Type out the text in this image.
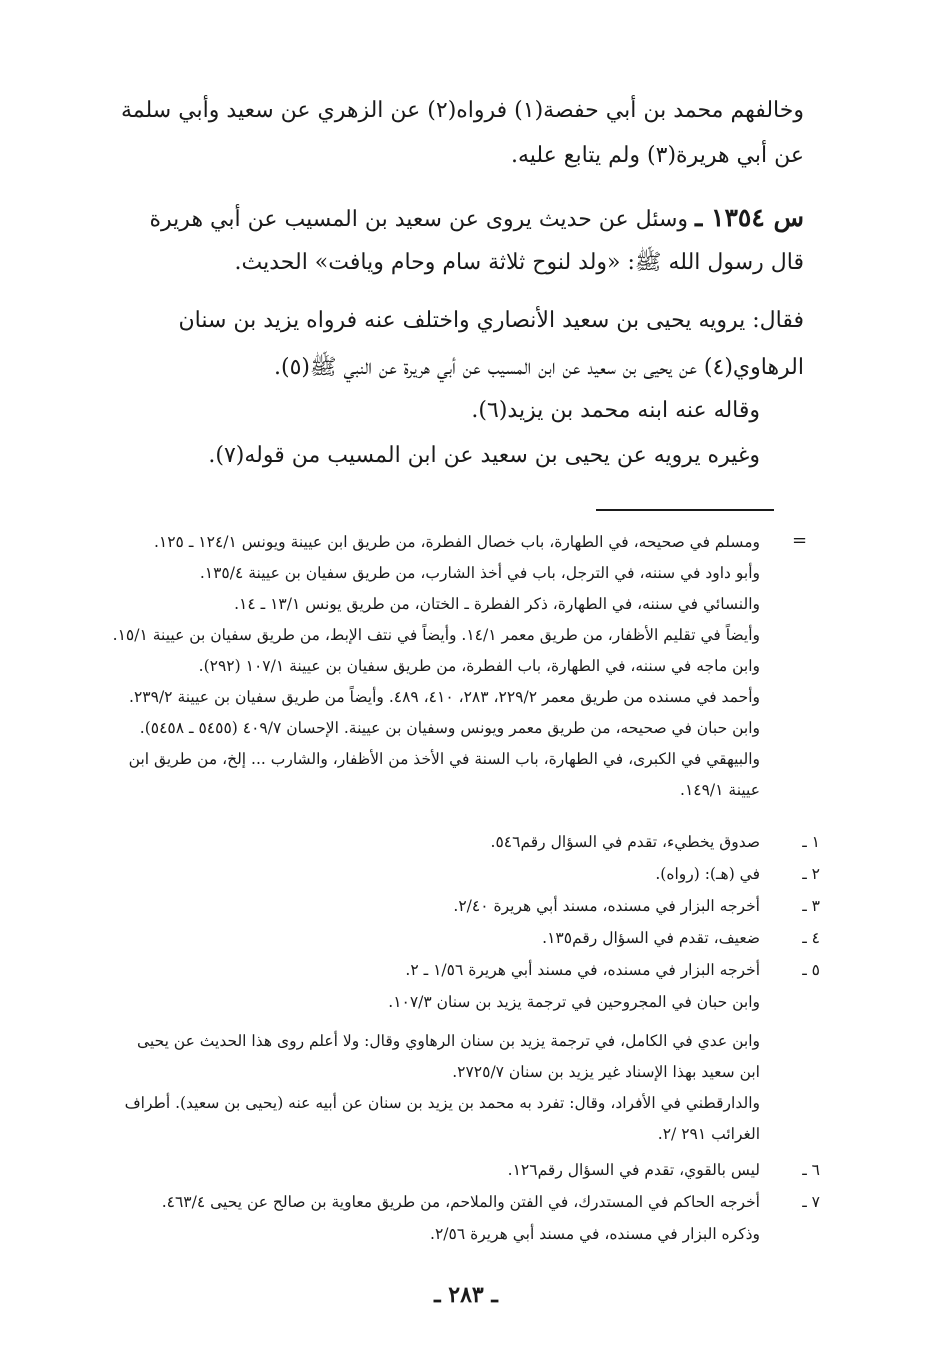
وخالفهم محمد بن أبي حفصة(١) فرواه(٢) عن الزهري عن سعيد وأبي سلمة
عن أبي هريرة(٣) ولم يتابع عليه.
س ١٣٥٤ ـ وسئل عن حديث يروى عن سعيد بن المسيب عن أبي هريرة
قال رسول الله ﷺ: «ولد لنوح ثلاثة سام وحام ويافت» الحديث.
فقال: يرويه يحيى بن سعيد الأنصاري واختلف عنه فرواه يزيد بن سنان
الرهاوي(٤) عن يحيى بن سعيد عن ابن المسيب عن أبي هريرة عن النبي ﷺ(٥).
وقاله عنه ابنه محمد بن يزيد(٦).
وغيره يرويه عن يحيى بن سعيد عن ابن المسيب من قوله(٧).
=
ومسلم في صحيحه، في الطهارة، باب خصال الفطرة، من طريق ابن عيينة ويونس ١٢٤/١ ـ ١٢٥.
وأبو داود في سننه، في الترجل، باب في أخذ الشارب، من طريق سفيان بن عيينة ١٣٥/٤.
والنسائي في سننه، في الطهارة، ذكر الفطرة ـ الختان، من طريق يونس ١٣/١ ـ ١٤.
وأيضاً في تقليم الأظفار، من طريق معمر ١٤/١. وأيضاً في نتف الإبط، من طريق سفيان بن عيينة ١٥/١.
وابن ماجه في سننه، في الطهارة، باب الفطرة، من طريق سفيان بن عيينة ١٠٧/١ (٢٩٢).
وأحمد في مسنده من طريق معمر ٢٢٩/٢، ٢٨٣، ٤١٠، ٤٨٩. وأيضاً من طريق سفيان بن عيينة ٢٣٩/٢.
وابن حبان في صحيحه، من طريق معمر ويونس وسفيان بن عيينة. الإحسان ٤٠٩/٧ (٥٤٥٥ ـ ٥٤٥٨).
والبيهقي في الكبرى، في الطهارة، باب السنة في الأخذ من الأظفار، والشارب ... إلخ، من طريق ابن
عيينة ١٤٩/١.
١ ـ
صدوق يخطيء، تقدم في السؤال رقم٥٤٦.
٢ ـ
في (هـ): (رواه).
٣ ـ
أخرجه البزار في مسنده، مسند أبي هريرة ٢/٤٠.
٤ ـ
ضعيف، تقدم في السؤال رقم١٣٥.
٥ ـ
أخرجه البزار في مسنده، في مسند أبي هريرة ١/٥٦ ـ ٢.
وابن حبان في المجروحين في ترجمة يزيد بن سنان ١٠٧/٣.
وابن عدي في الكامل، في ترجمة يزيد بن سنان الرهاوي وقال: ولا أعلم روى هذا الحديث عن يحيى
ابن سعيد بهذا الإسناد غير يزيد بن سنان ٢٧٢٥/٧.
والدارقطني في الأفراد، وقال: تفرد به محمد بن يزيد بن سنان عن أبيه عنه (يحيى بن سعيد). أطراف
الغرائب ٢٩١ /٢.
٦ ـ
ليس بالقوي، تقدم في السؤال رقم١٢٦.
٧ ـ
أخرجه الحاكم في المستدرك، في الفتن والملاحم، من طريق معاوية بن صالح عن يحيى ٤٦٣/٤.
وذكره البزار في مسنده، في مسند أبي هريرة ٢/٥٦.
ـ ٢٨٣ ـ
